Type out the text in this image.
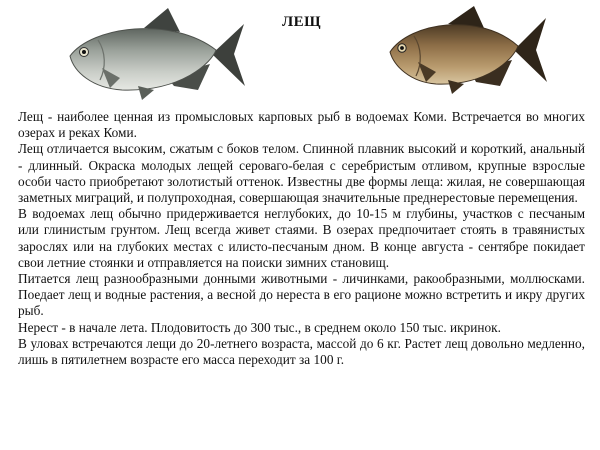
ЛЕЩ

Лещ - наиболее ценная из промысловых карповых рыб в водоемах Коми. Встречается во многих озерах и реках Коми.

Лещ отличается высоким, сжатым с боков телом. Спинной плавник высокий и короткий, анальный - длинный. Окраска молодых лещей сероваго-белая с серебристым отливом, крупные взрослые особи часто приобретают золотистый оттенок. Известны две формы леща: жилая, не совершающая заметных миграций, и полупроходная, совершающая значительные преднерестовые перемещения.

В водоемах лещ обычно придерживается неглубоких, до 10-15 м глубины, участков с песчаным или глинистым грунтом. Лещ всегда живет стаями. В озерах предпочитает стоять в травянистых зарослях или на глубоких местах с илисто-песчаным дном. В конце августа - сентябре покидает свои летние стоянки и отправляется на поиски зимних становищ.

Питается лещ разнообразными донными животными - личинками, ракообразными, моллюсками. Поедает лещ и водные растения, а весной до нереста в его рационе можно встретить и икру других рыб.

Нерест - в начале лета. Плодовитость до 300 тыс., в среднем около 150 тыс. икринок.

В уловах встречаются лещи до 20-летнего возраста, массой до 6 кг. Растет лещ довольно медленно, лишь в пятилетнем возрасте его масса переходит за 100 г.
